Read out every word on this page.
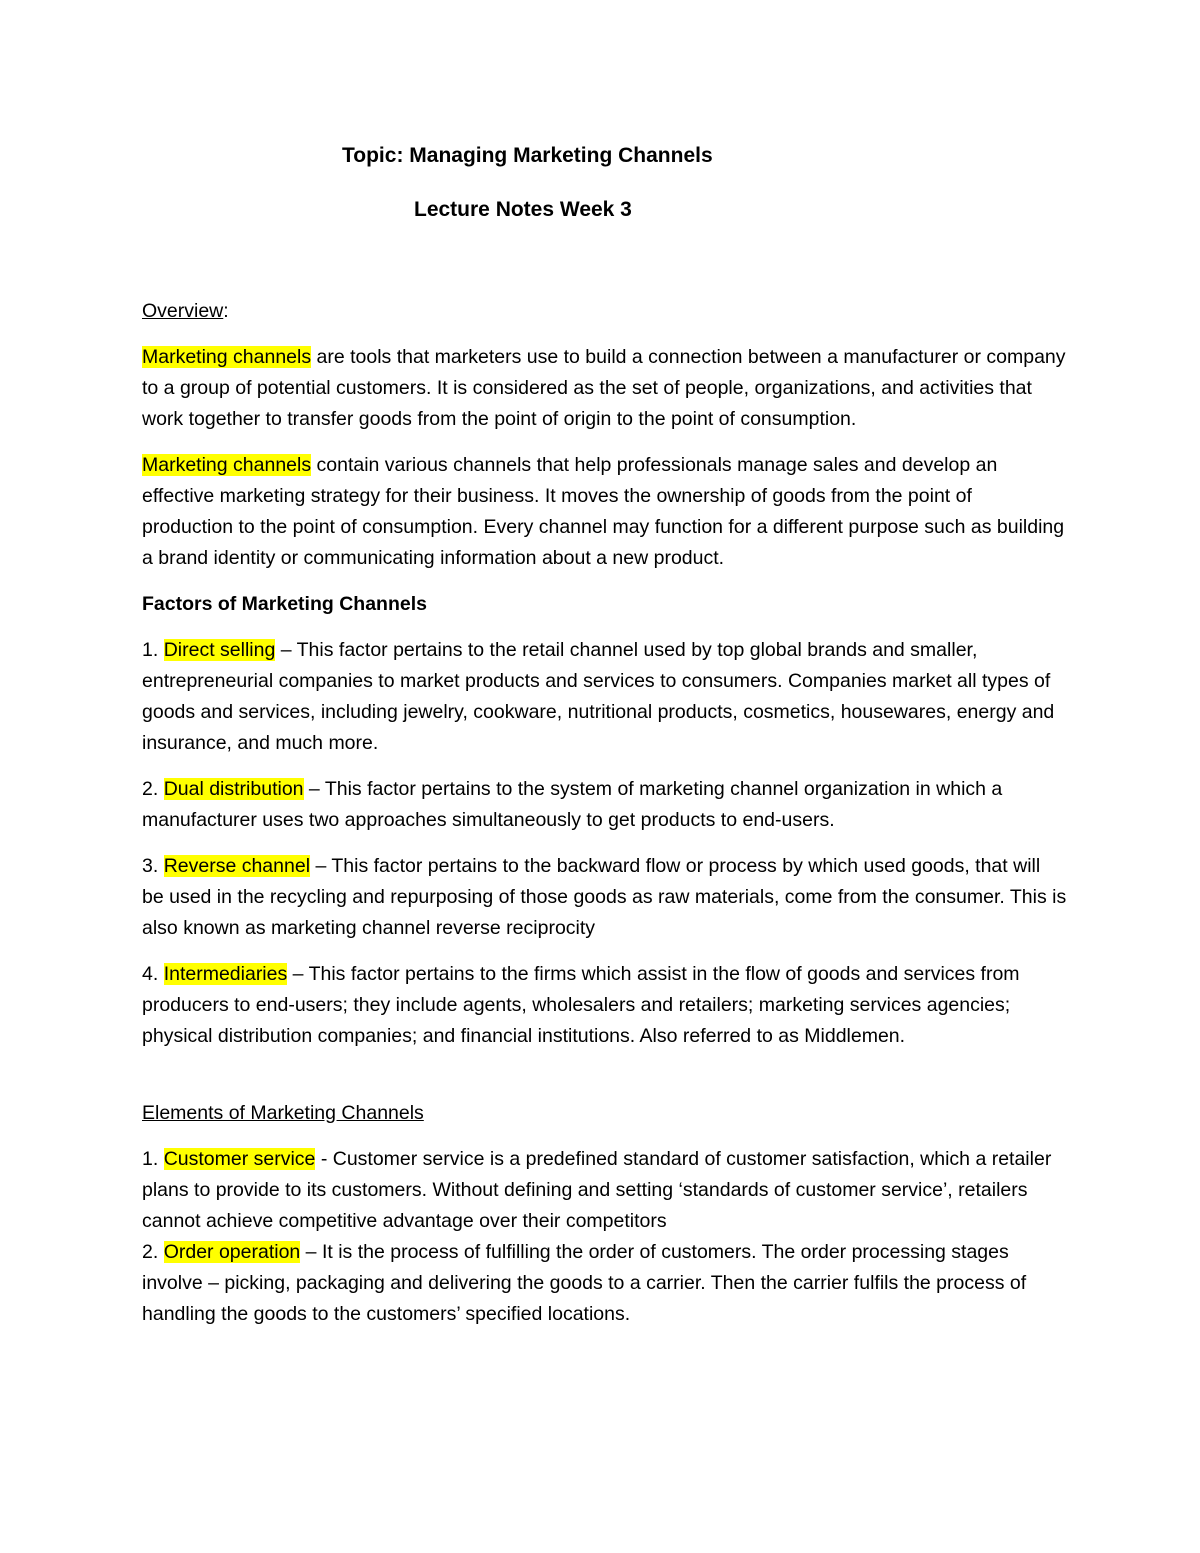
Topic: Managing Marketing Channels
Lecture Notes Week 3

Overview:

Marketing channels are tools that marketers use to build a connection between a manufacturer or company to a group of potential customers. It is considered as the set of people, organizations, and activities that work together to transfer goods from the point of origin to the point of consumption.

Marketing channels contain various channels that help professionals manage sales and develop an effective marketing strategy for their business. It moves the ownership of goods from the point of production to the point of consumption. Every channel may function for a different purpose such as building a brand identity or communicating information about a new product.

Factors of Marketing Channels

1. Direct selling – This factor pertains to the retail channel used by top global brands and smaller, entrepreneurial companies to market products and services to consumers. Companies market all types of goods and services, including jewelry, cookware, nutritional products, cosmetics, housewares, energy and insurance, and much more.

2. Dual distribution – This factor pertains to the system of marketing channel organization in which a manufacturer uses two approaches simultaneously to get products to end-users.

3. Reverse channel – This factor pertains to the backward flow or process by which used goods, that will be used in the recycling and repurposing of those goods as raw materials, come from the consumer. This is also known as marketing channel reverse reciprocity

4. Intermediaries – This factor pertains to the firms which assist in the flow of goods and services from producers to end-users; they include agents, wholesalers and retailers; marketing services agencies; physical distribution companies; and financial institutions. Also referred to as Middlemen.

Elements of Marketing Channels

1. Customer service - Customer service is a predefined standard of customer satisfaction, which a retailer plans to provide to its customers. Without defining and setting ‘standards of customer service’, retailers cannot achieve competitive advantage over their competitors

2. Order operation – It is the process of fulfilling the order of customers. The order processing stages involve – picking, packaging and delivering the goods to a carrier. Then the carrier fulfils the process of handling the goods to the customers’ specified locations.
